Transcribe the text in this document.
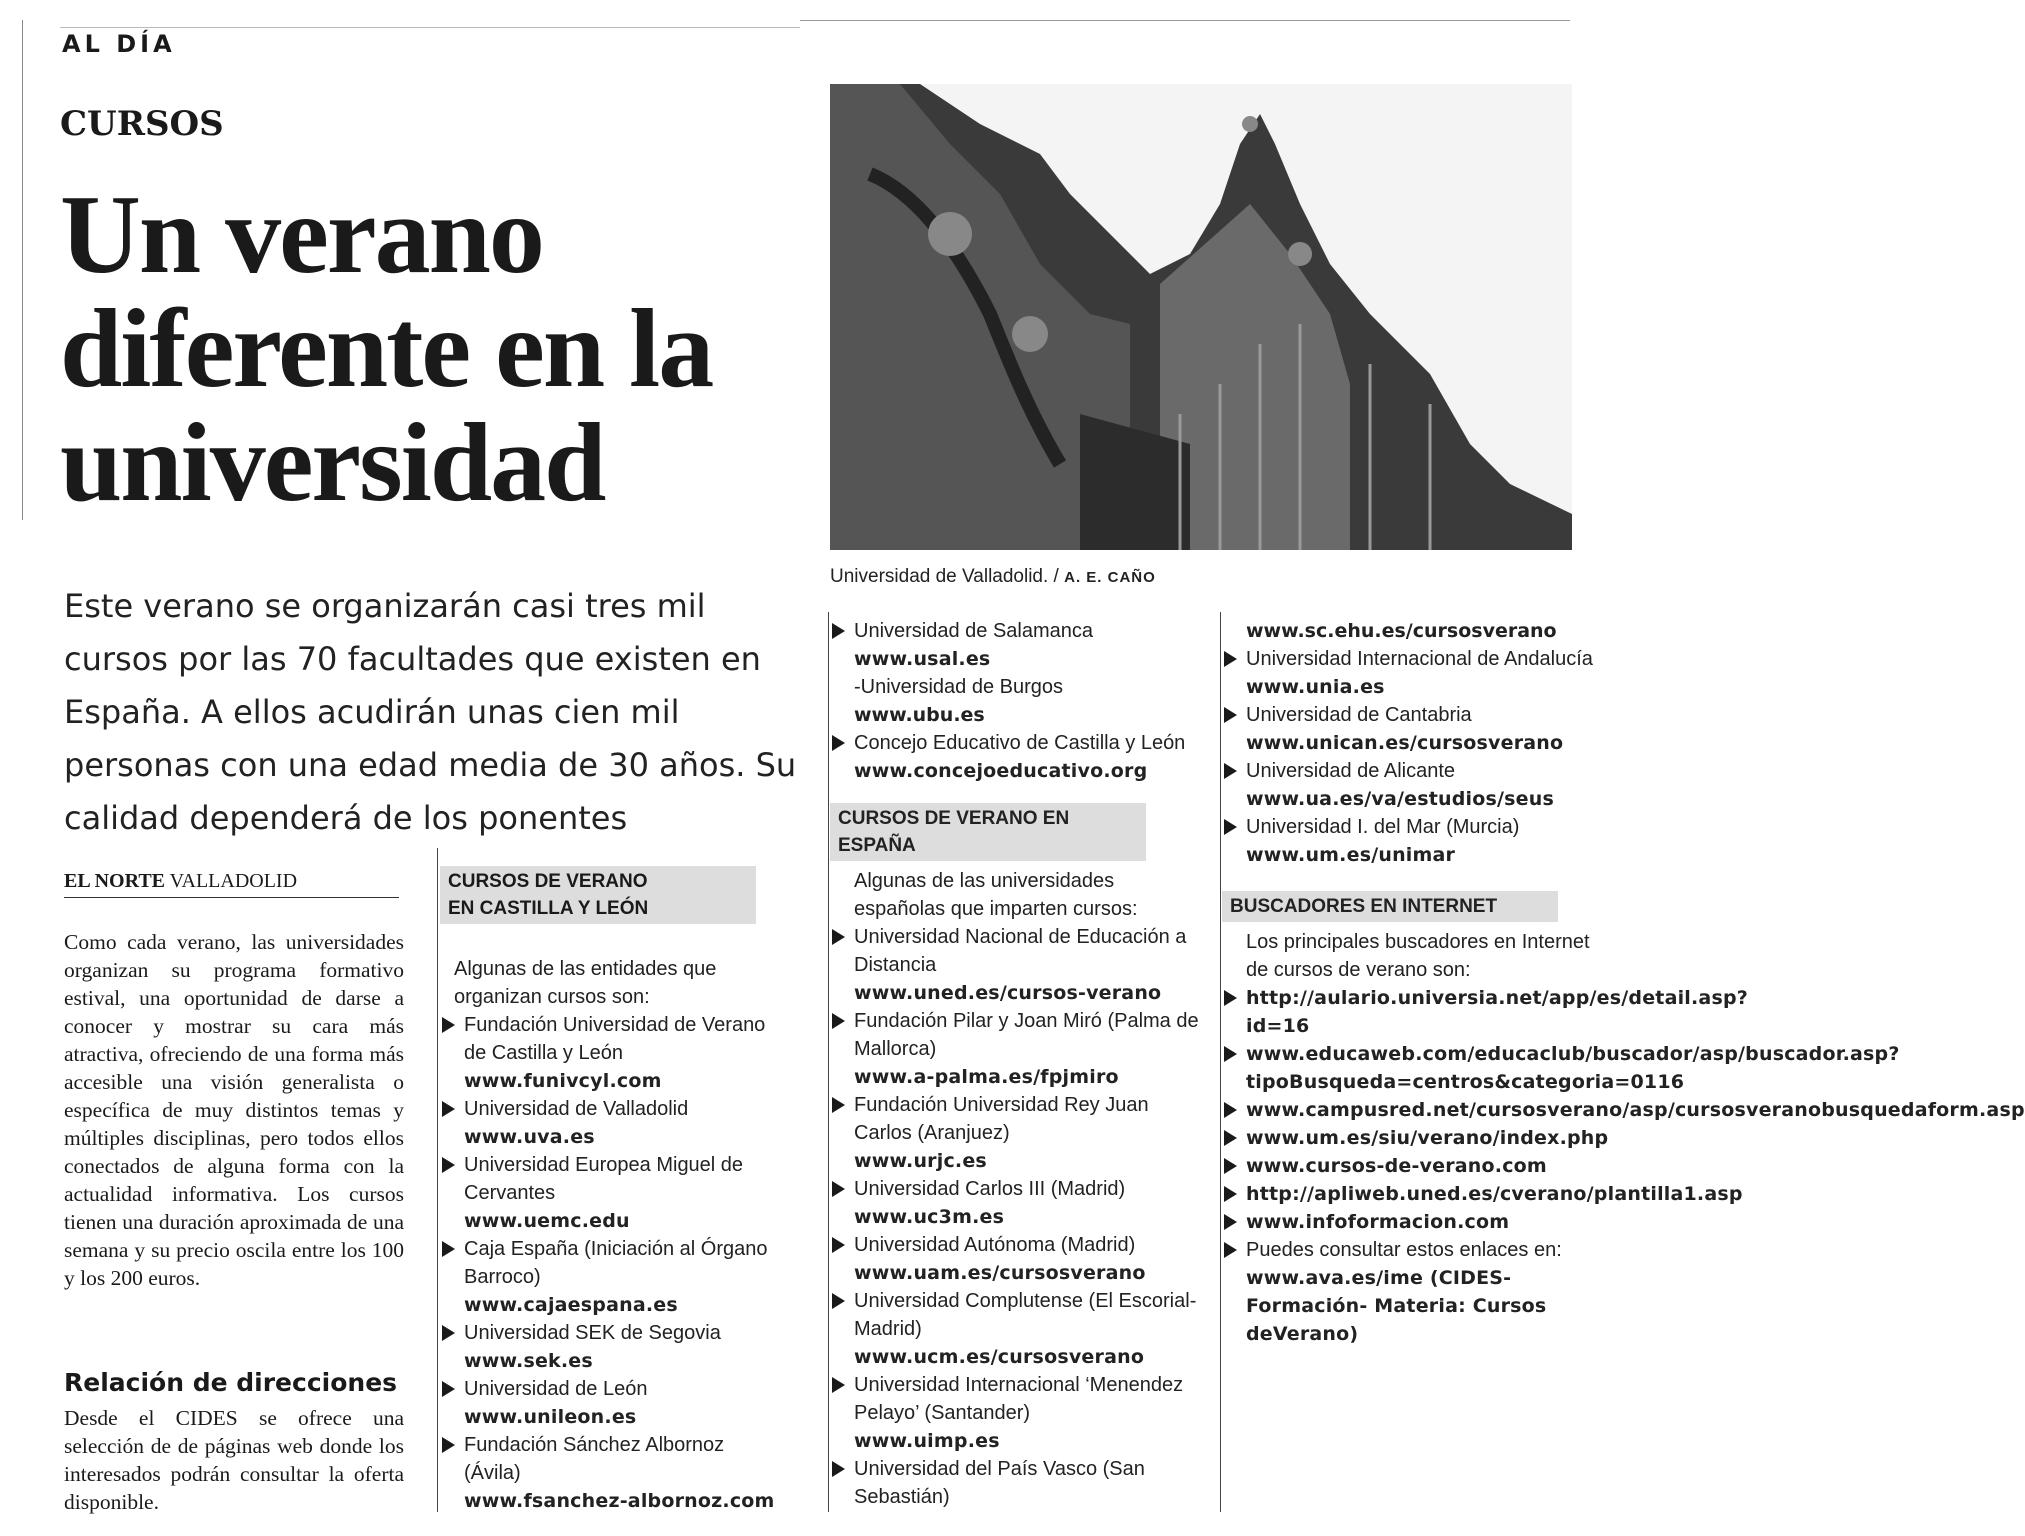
AL DÍA
CURSOS
Un verano diferente en la universidad
Universidad de Valladolid. / A. E. CAÑO
Este verano se organizarán casi tres mil cursos por las 70 facultades que existen en España. A ellos acudirán unas cien mil personas con una edad media de 30 años. Su calidad dependerá de los ponentes
EL NORTE VALLADOLID
Como cada verano, las universidades organizan su programa formativo estival, una oportunidad de darse a conocer y mostrar su cara más atractiva, ofreciendo de una forma más accesible una visión generalista o específica de muy distintos temas y múltiples disciplinas, pero todos ellos conectados de alguna forma con la actualidad informativa. Los cursos tienen una duración aproximada de una semana y su precio oscila entre los 100 y los 200 euros.
Relación de direcciones
Desde el CIDES se ofrece una selección de de páginas web donde los interesados podrán consultar la oferta disponible.
CURSOS DE VERANO
EN CASTILLA Y LEÓN
Algunas de las entidades que organizan cursos son:
Fundación Universidad de Verano de Castilla y León
www.funivcyl.com
Universidad de Valladolid
www.uva.es
Universidad Europea Miguel de Cervantes
www.uemc.edu
Caja España (Iniciación al Órgano Barroco)
www.cajaespana.es
Universidad SEK de Segovia
www.sek.es
Universidad de León
www.unileon.es
Fundación Sánchez Albornoz (Ávila)
www.fsanchez-albornoz.com
Universidad de Salamanca
www.usal.es
-Universidad de Burgos
www.ubu.es
Concejo Educativo de Castilla y León
www.concejoeducativo.org
CURSOS DE VERANO EN ESPAÑA
Algunas de las universidades españolas que imparten cursos:
Universidad Nacional de Educación a Distancia
www.uned.es/cursos-verano
Fundación Pilar y Joan Miró (Palma de Mallorca)
www.a-palma.es/fpjmiro
Fundación Universidad Rey Juan Carlos (Aranjuez)
www.urjc.es
Universidad Carlos III (Madrid)
www.uc3m.es
Universidad Autónoma (Madrid)
www.uam.es/cursosverano
Universidad Complutense (El Escorial-Madrid)
www.ucm.es/cursosverano
Universidad Internacional ‘Menendez Pelayo’ (Santander)
www.uimp.es
Universidad del País Vasco (San Sebastián)
www.sc.ehu.es/cursosverano
Universidad Internacional de Andalucía
www.unia.es
Universidad de Cantabria
www.unican.es/cursosverano
Universidad de Alicante
www.ua.es/va/estudios/seus
Universidad I. del Mar (Murcia)
www.um.es/unimar
BUSCADORES EN INTERNET
Los principales buscadores en Internet de cursos de verano son:
http://aulario.universia.net/app/es/detail.asp?id=16
www.educaweb.com/educaclub/buscador/asp/buscador.asp?tipoBusqueda=centros&categoria=0116
www.campusred.net/cursosverano/asp/cursosveranobusquedaform.asp
www.um.es/siu/verano/index.php
www.cursos-de-verano.com
http://apliweb.uned.es/cverano/plantilla1.asp
www.infoformacion.com
Puedes consultar estos enlaces en:
www.ava.es/ime (CIDES-Formación- Materia: Cursos deVerano)
